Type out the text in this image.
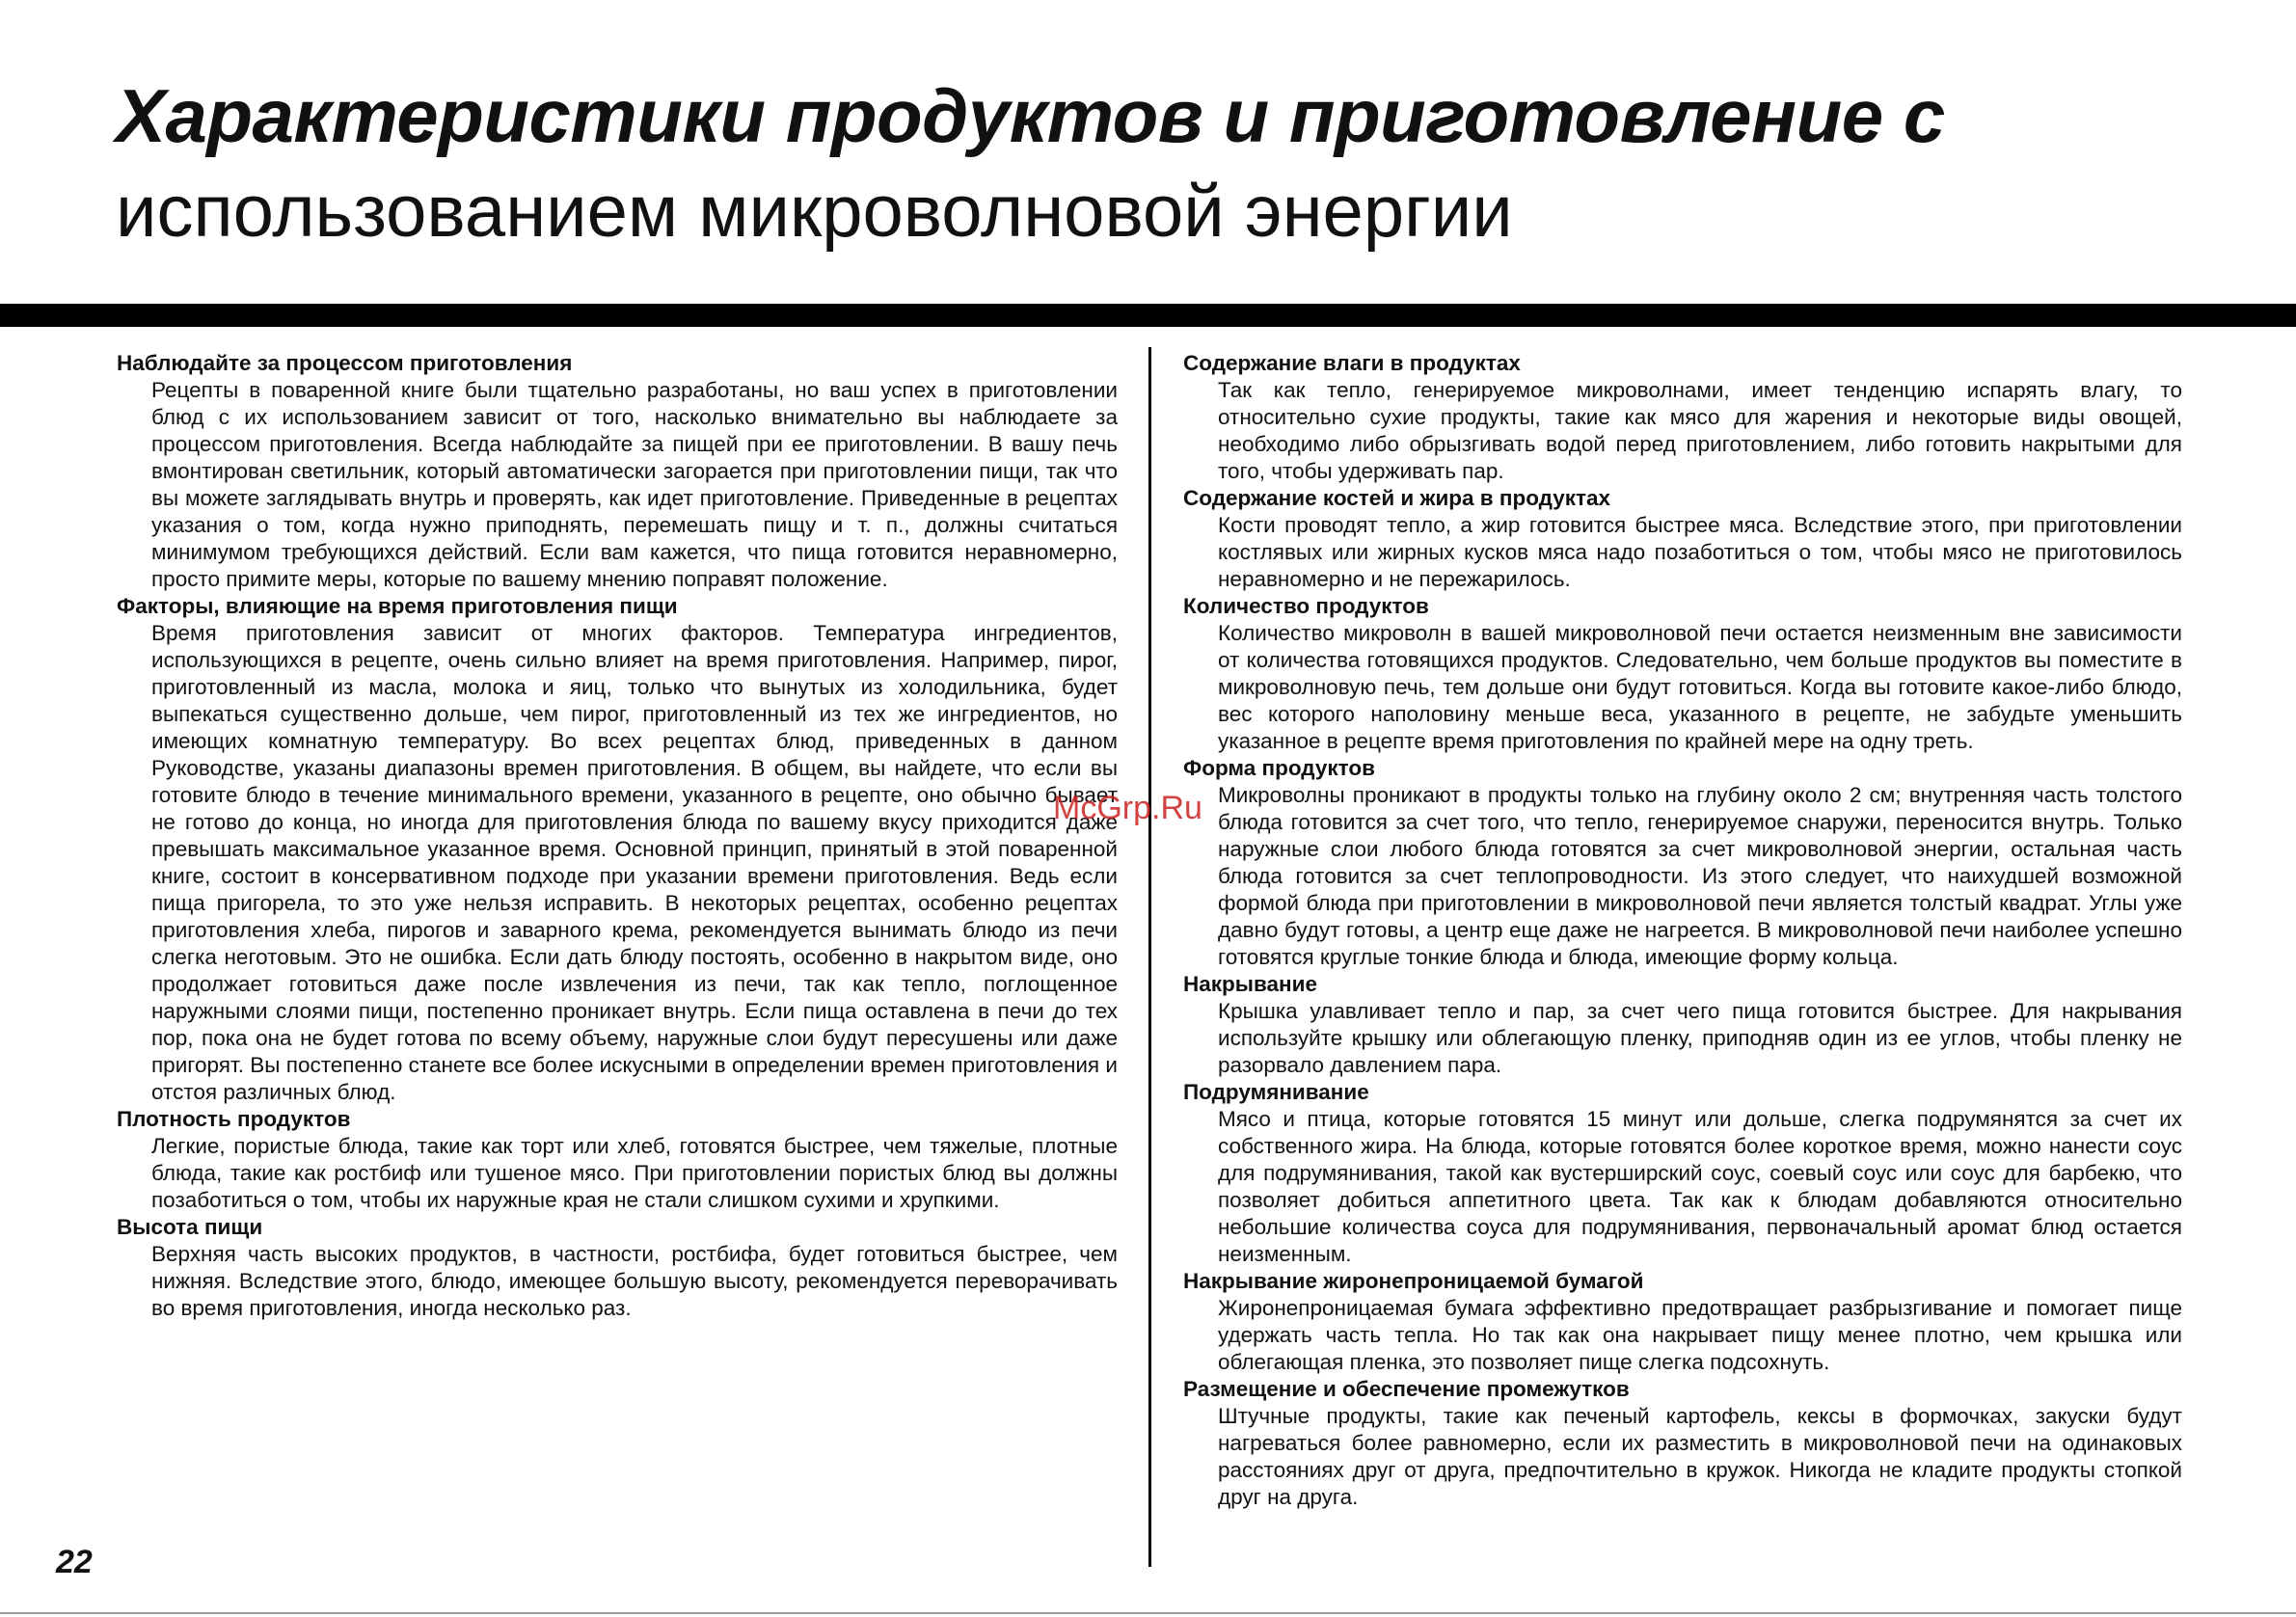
Характеристики продуктов и приготовление с
использованием микроволновой энергии
Наблюдайте за процессом приготовления

Рецепты в поваренной книге были тщательно разработаны, но ваш успех в приготовлении блюд с их использованием зависит от того, насколько внимательно вы наблюдаете за процессом приготовления. Всегда наблюдайте за пищей при ее приготовлении. В вашу печь вмонтирован светильник, который автоматически загорается при приготовлении пищи, так что вы можете заглядывать внутрь и проверять, как идет приготовление. Приведенные в рецептах указания о том, когда нужно приподнять, перемешать пищу и т. п., должны считаться минимумом требующихся действий. Если вам кажется, что пища готовится неравномерно, просто примите меры, которые по вашему мнению поправят положение.

Факторы, влияющие на время приготовления пищи

Время приготовления зависит от многих факторов. Температура ингредиентов, использующихся в рецепте, очень сильно влияет на время приготовления. Например, пирог, приготовленный из масла, молока и яиц, только что вынутых из холодильника, будет выпекаться существенно дольше, чем пирог, приготовленный из тех же ингредиентов, но имеющих комнатную температуру. Во всех рецептах блюд, приведенных в данном Руководстве, указаны диапазоны времен приготовления. В общем, вы найдете, что если вы готовите блюдо в течение минимального времени, указанного в рецепте, оно обычно бывает не готово до конца, но иногда для приготовления блюда по вашему вкусу приходится даже превышать максимальное указанное время. Основной принцип, принятый в этой поваренной книге, состоит в консервативном подходе при указании времени приготовления. Ведь если пища пригорела, то это уже нельзя исправить. В некоторых рецептах, особенно рецептах приготовления хлеба, пирогов и заварного крема, рекомендуется вынимать блюдо из печи слегка неготовым. Это не ошибка. Если дать блюду постоять, особенно в накрытом виде, оно продолжает готовиться даже после извлечения из печи, так как тепло, поглощенное наружными слоями пищи, постепенно проникает внутрь. Если пища оставлена в печи до тех пор, пока она не будет готова по всему объему, наружные слои будут пересушены или даже пригорят. Вы постепенно станете все более искусными в определении времен приготовления и отстоя различных блюд.

Плотность продуктов

Легкие, пористые блюда, такие как торт или хлеб, готовятся быстрее, чем тяжелые, плотные блюда, такие как ростбиф или тушеное мясо. При приготовлении пористых блюд вы должны позаботиться о том, чтобы их наружные края не стали слишком сухими и хрупкими.

Высота пищи

Верхняя часть высоких продуктов, в частности, ростбифа, будет готовиться быстрее, чем нижняя. Вследствие этого, блюдо, имеющее большую высоту, рекомендуется переворачивать во время приготовления, иногда несколько раз.

Содержание влаги в продуктах

Так как тепло, генерируемое микроволнами, имеет тенденцию испарять влагу, то относительно сухие продукты, такие как мясо для жарения и некоторые виды овощей, необходимо либо обрызгивать водой перед приготовлением, либо готовить накрытыми для того, чтобы удерживать пар.

Содержание костей и жира в продуктах

Кости проводят тепло, а жир готовится быстрее мяса. Вследствие этого, при приготовлении костлявых или жирных кусков мяса надо позаботиться о том, чтобы мясо не приготовилось неравномерно и не пережарилось.

Количество продуктов

Количество микроволн в вашей микроволновой печи остается неизменным вне зависимости от количества готовящихся продуктов. Следовательно, чем больше продуктов вы поместите в микроволновую печь, тем дольше они будут готовиться. Когда вы готовите какое-либо блюдо, вес которого наполовину меньше веса, указанного в рецепте, не забудьте уменьшить указанное в рецепте время приготовления по крайней мере на одну треть.

Форма продуктов

Микроволны проникают в продукты только на глубину около 2 см; внутренняя часть толстого блюда готовится за счет того, что тепло, генерируемое снаружи, переносится внутрь. Только наружные слои любого блюда готовятся за счет микроволновой энергии, остальная часть блюда готовится за счет теплопроводности. Из этого следует, что наихудшей возможной формой блюда при приготовлении в микроволновой печи является толстый квадрат. Углы уже давно будут готовы, а центр еще даже не нагреется. В микроволновой печи наиболее успешно готовятся круглые тонкие блюда и блюда, имеющие форму кольца.

Накрывание

Крышка улавливает тепло и пар, за счет чего пища готовится быстрее. Для накрывания используйте крышку или облегающую пленку, приподняв один из ее углов, чтобы пленку не разорвало давлением пара.

Подрумянивание

Мясо и птица, которые готовятся 15 минут или дольше, слегка подрумянятся за счет их собственного жира. На блюда, которые готовятся более короткое время, можно нанести соус для подрумянивания, такой как вустерширский соус, соевый соус или соус для барбекю, что позволяет добиться аппетитного цвета. Так как к блюдам добавляются относительно небольшие количества соуса для подрумянивания, первоначальный аромат блюд остается неизменным.

Накрывание жиронепроницаемой бумагой

Жиронепроницаемая бумага эффективно предотвращает разбрызгивание и помогает пище удержать часть тепла. Но так как она накрывает пищу менее плотно, чем крышка или облегающая пленка, это позволяет пище слегка подсохнуть.

Размещение и обеспечение промежутков

Штучные продукты, такие как печеный картофель, кексы в формочках, закуски будут нагреваться более равномерно, если их разместить в микроволновой печи на одинаковых расстояниях друг от друга, предпочтительно в кружок. Никогда не кладите продукты стопкой друг на друга.

McGrp.Ru
22
